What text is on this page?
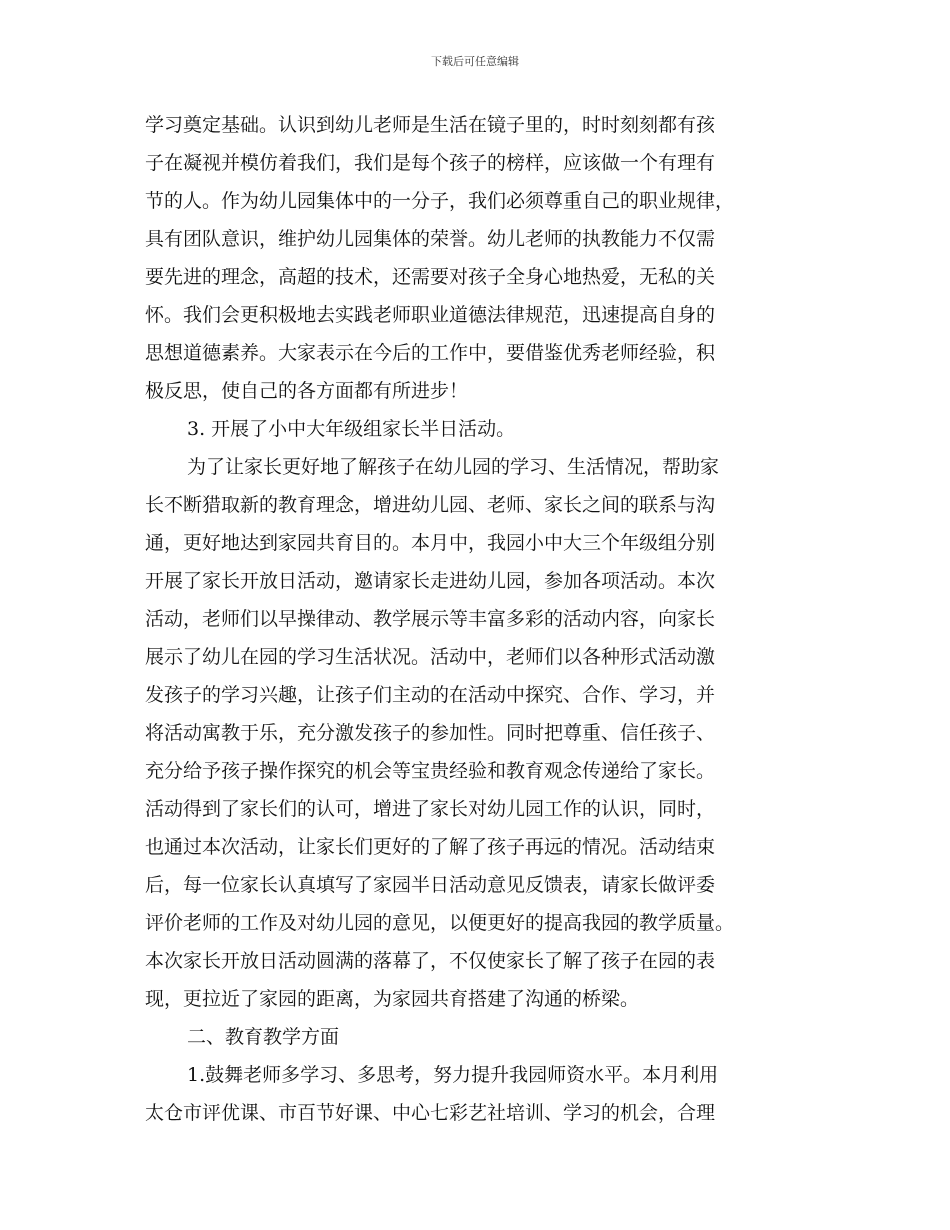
下载后可任意编辑
学习奠定基础。认识到幼儿老师是生活在镜子里的，时时刻刻都有孩
子在凝视并模仿着我们，我们是每个孩子的榜样，应该做一个有理有
节的人。作为幼儿园集体中的一分子，我们必须尊重自己的职业规律，
具有团队意识，维护幼儿园集体的荣誉。幼儿老师的执教能力不仅需
要先进的理念，高超的技术，还需要对孩子全身心地热爱，无私的关
怀。我们会更积极地去实践老师职业道德法律规范，迅速提高自身的
思想道德素养。大家表示在今后的工作中，要借鉴优秀老师经验，积
极反思，使自己的各方面都有所进步！
3. 开展了小中大年级组家长半日活动。
为了让家长更好地了解孩子在幼儿园的学习、生活情况，帮助家
长不断猎取新的教育理念，增进幼儿园、老师、家长之间的联系与沟
通，更好地达到家园共育目的。本月中，我园小中大三个年级组分别
开展了家长开放日活动，邀请家长走进幼儿园，参加各项活动。本次
活动，老师们以早操律动、教学展示等丰富多彩的活动内容，向家长
展示了幼儿在园的学习生活状况。活动中，老师们以各种形式活动激
发孩子的学习兴趣，让孩子们主动的在活动中探究、合作、学习，并
将活动寓教于乐，充分激发孩子的参加性。同时把尊重、信任孩子、
充分给予孩子操作探究的机会等宝贵经验和教育观念传递给了家长。
活动得到了家长们的认可，增进了家长对幼儿园工作的认识，同时，
也通过本次活动，让家长们更好的了解了孩子再远的情况。活动结束
后，每一位家长认真填写了家园半日活动意见反馈表，请家长做评委
评价老师的工作及对幼儿园的意见，以便更好的提高我园的教学质量。
本次家长开放日活动圆满的落幕了，不仅使家长了解了孩子在园的表
现，更拉近了家园的距离，为家园共育搭建了沟通的桥梁。
二、教育教学方面
1.鼓舞老师多学习、多思考，努力提升我园师资水平。本月利用
太仓市评优课、市百节好课、中心七彩艺社培训、学习的机会，合理
